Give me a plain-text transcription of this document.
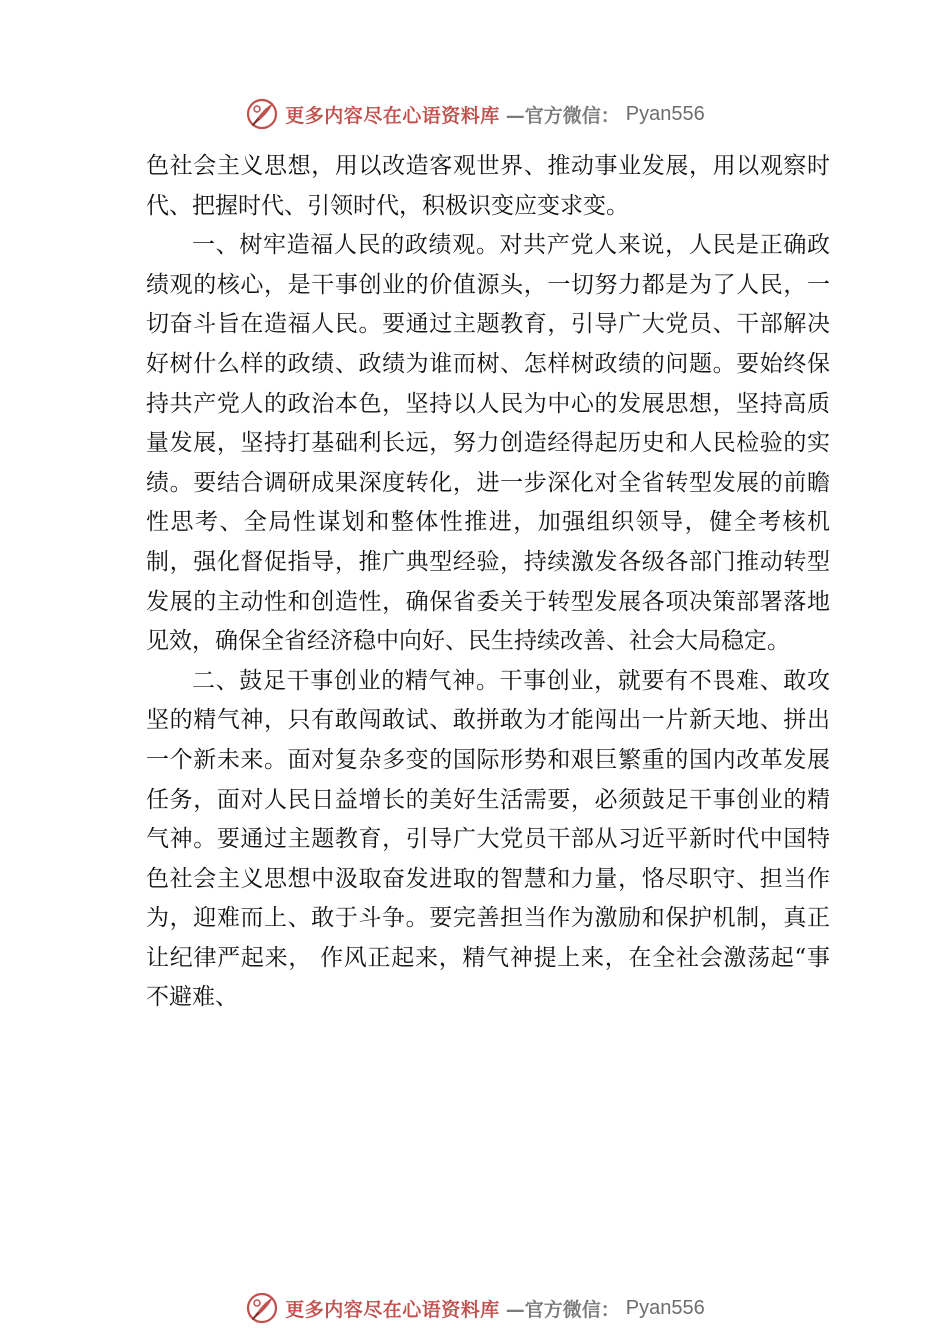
更多内容尽在心语资料库 —官方微信： Pyan556

色社会主义思想，用以改造客观世界、推动事业发展，用以观察时代、把握时代、引领时代，积极识变应变求变。

一、树牢造福人民的政绩观。对共产党人来说，人民是正确政绩观的核心，是干事创业的价值源头，一切努力都是为了人民，一切奋斗旨在造福人民。要通过主题教育，引导广大党员、干部解决好树什么样的政绩、政绩为谁而树、怎样树政绩的问题。要始终保持共产党人的政治本色，坚持以人民为中心的发展思想，坚持高质量发展，坚持打基础利长远，努力创造经得起历史和人民检验的实绩。要结合调研成果深度转化，进一步深化对全省转型发展的前瞻性思考、全局性谋划和整体性推进，加强组织领导，健全考核机制，强化督促指导，推广典型经验，持续激发各级各部门推动转型发展的主动性和创造性，确保省委关于转型发展各项决策部署落地见效，确保全省经济稳中向好、民生持续改善、社会大局稳定。

二、鼓足干事创业的精气神。干事创业，就要有不畏难、敢攻坚的精气神，只有敢闯敢试、敢拼敢为才能闯出一片新天地、拼出一个新未来。面对复杂多变的国际形势和艰巨繁重的国内改革发展任务，面对人民日益增长的美好生活需要，必须鼓足干事创业的精气神。要通过主题教育，引导广大党员干部从习近平新时代中国特色社会主义思想中汲取奋发进取的智慧和力量，恪尽职守、担当作为，迎难而上、敢于斗争。要完善担当作为激励和保护机制，真正让纪律严起来， 作风正起来，精气神提上来，在全社会激荡起“事不避难、

更多内容尽在心语资料库 —官方微信： Pyan556
